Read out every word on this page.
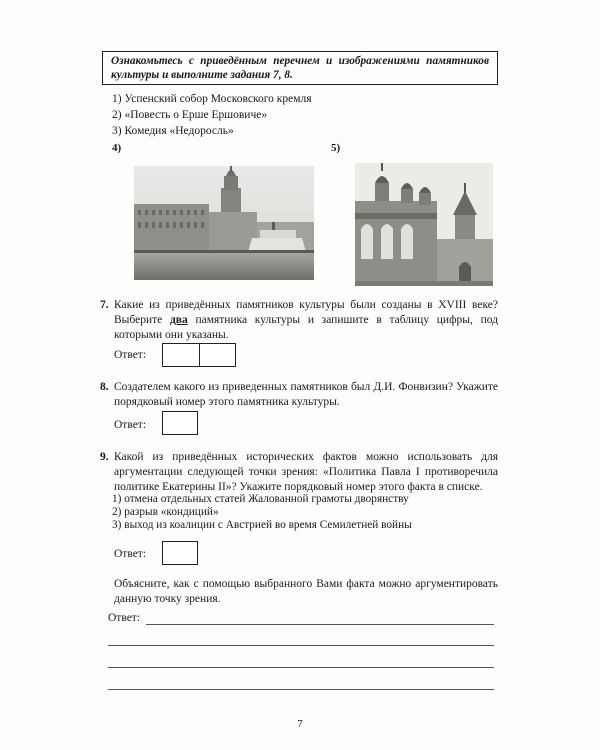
Ознакомьтесь с приведённым перечнем и изображениями памятников культуры и выполните задания 7, 8.
1) Успенский собор Московского кремля
2) «Повесть о Ерше Ершовиче»
3) Комедия «Недоросль»
4)	5)
7. Какие из приведённых памятников культуры были созданы в XVIII веке? Выберите два памятника культуры и запишите в таблицу цифры, под которыми они указаны.
Ответ:
8. Создателем какого из приведенных памятников был Д.И. Фонвизин? Укажите порядковый номер этого памятника культуры.
Ответ:
9. Какой из приведённых исторических фактов можно использовать для аргументации следующей точки зрения: «Политика Павла I противоречила политике Екатерины II»? Укажите порядковый номер этого факта в списке.
1) отмена отдельных статей Жалованной грамоты дворянству
2) разрыв «кондиций»
3) выход из коалиции с Австрией во время Семилетней войны
Ответ:
Объясните, как с помощью выбранного Вами факта можно аргументировать данную точку зрения.
Ответ:
7
